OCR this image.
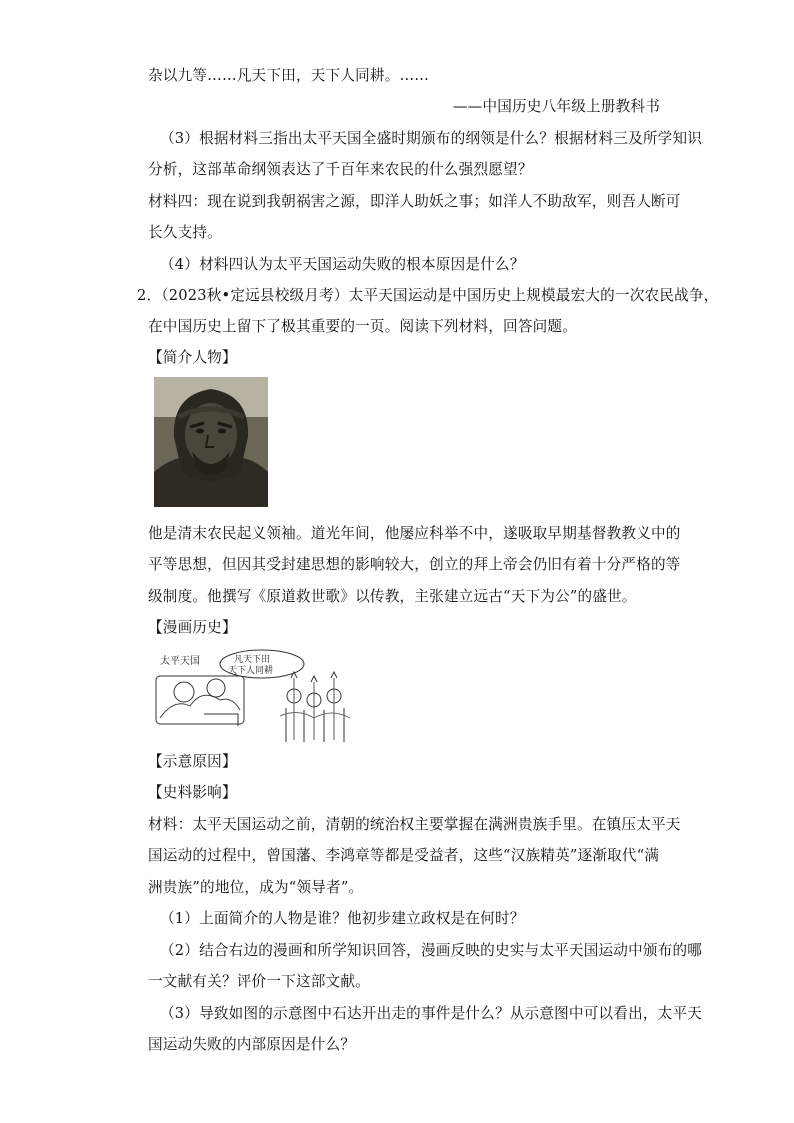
杂以九等……凡天下田，天下人同耕。……
——中国历史八年级上册教科书
（3）根据材料三指出太平天国全盛时期颁布的纲领是什么？根据材料三及所学知识
分析，这部革命纲领表达了千百年来农民的什么强烈愿望？
材料四：现在说到我朝祸害之源，即洋人助妖之事；如洋人不助敌军，则吾人断可
长久支持。
（4）材料四认为太平天国运动失败的根本原因是什么？
2．（2023秋•定远县校级月考）太平天国运动是中国历史上规模最宏大的一次农民战争，
在中国历史上留下了极其重要的一页。阅读下列材料，回答问题。
【简介人物】
他是清末农民起义领袖。道光年间，他屡应科举不中，遂吸取早期基督教教义中的
平等思想，但因其受封建思想的影响较大，创立的拜上帝会仍旧有着十分严格的等
级制度。他撰写《原道救世歌》以传教，主张建立远古“天下为公”的盛世。
【漫画历史】
太平天国	凡天下田
天下人同耕
【示意原因】
【史料影响】
材料：太平天国运动之前，清朝的统治权主要掌握在满洲贵族手里。在镇压太平天
国运动的过程中，曾国藩、李鸿章等都是受益者，这些“汉族精英”逐渐取代“满
洲贵族”的地位，成为“领导者”。
（1）上面简介的人物是谁？他初步建立政权是在何时？
（2）结合右边的漫画和所学知识回答，漫画反映的史实与太平天国运动中颁布的哪
一文献有关？评价一下这部文献。
（3）导致如图的示意图中石达开出走的事件是什么？从示意图中可以看出，太平天
国运动失败的内部原因是什么？
